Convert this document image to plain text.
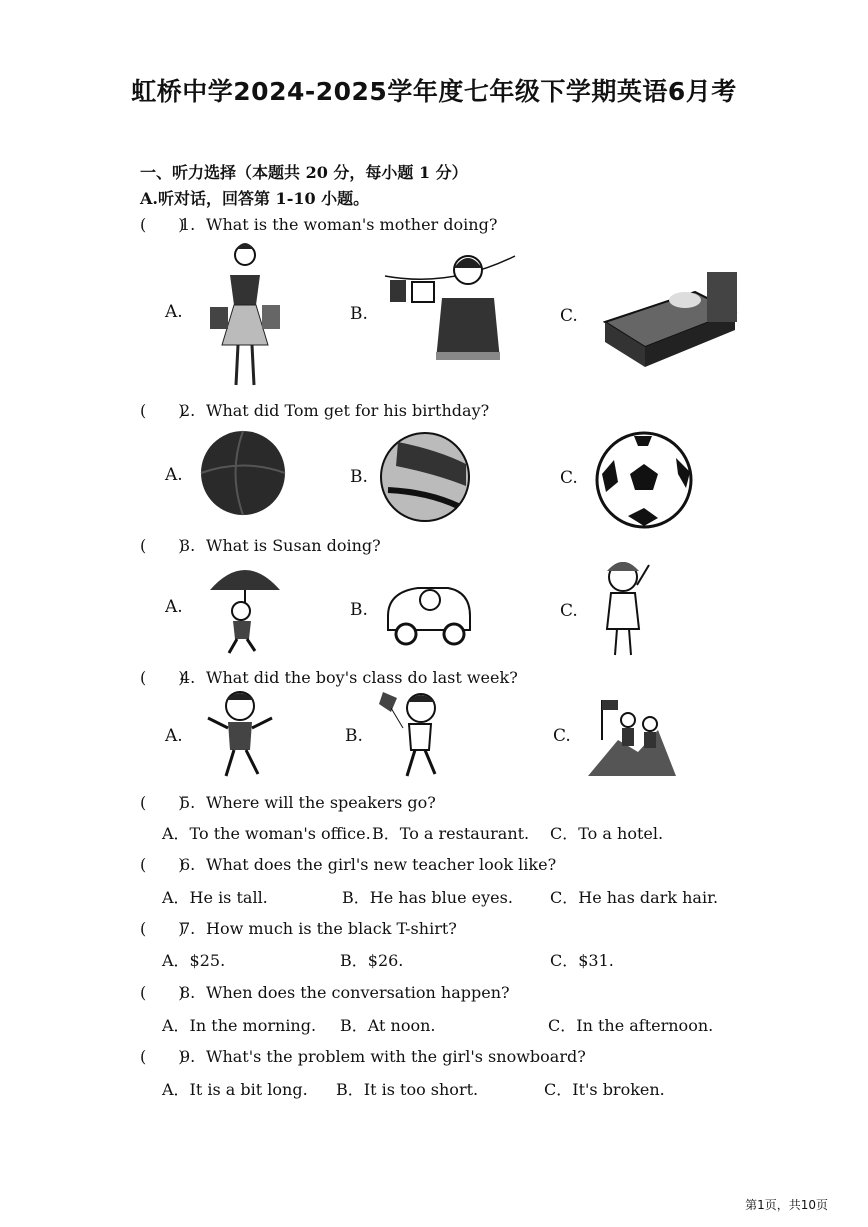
虹桥中学2024-2025学年度七年级下学期英语6月考
一、听力选择（本题共 20 分，每小题 1 分）
A.听对话，回答第 1-10 小题。
(　　)1. What is the woman's mother doing?
A.	B.	C.
(　　)2. What did Tom get for his birthday?
A.	B.	C.
(　　)3. What is Susan doing?
A.	B.	C.
(　　)4. What did the boy's class do last week?
A.	B.	C.
(　　)5. Where will the speakers go?
A．To the woman's office. B．To a restaurant. C．To a hotel.
(　　)6. What does the girl's new teacher look like?
A．He is tall.	B．He has blue eyes. C．He has dark hair.
(　　)7. How much is the black T-shirt?
A．$25.	B．$26.	C．$31.
(　　)8. When does the conversation happen?
A．In the morning. B．At noon.	C．In the afternoon.
(　　)9. What's the problem with the girl's snowboard?
A．It is a bit long. B．It is too short.	C．It's broken.
第1页，共10页
